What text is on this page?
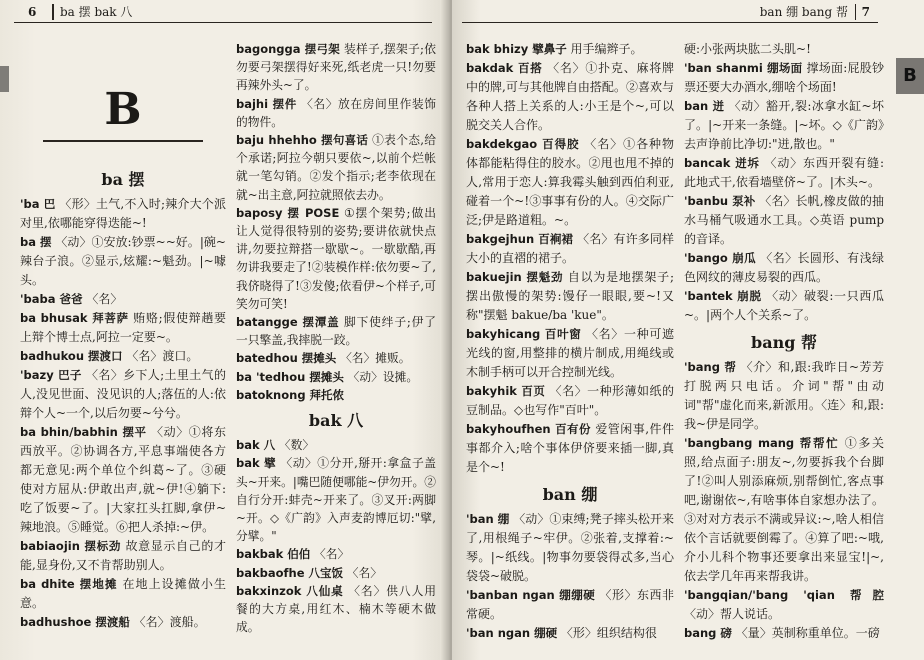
6 ba 摆 bak 八
B
ba 摆

'ba 巴 〈形〉土气,不入时;辣介大个派对里,依哪能穿得迭能~!

ba 摆 〈动〉①安放:钞票~~好。|碗~辣台子浪。②显示,炫耀:~魁劲。|~噱头。

'baba 爸爸 〈名〉

ba bhusak 拜菩萨 贿赂;假使辩趟要上辩个博士点,阿拉一定要~。

badhukou 摆渡口 〈名〉渡口。

'bazy 巴子 〈名〉乡下人;土里土气的人,没见世面、没见识的人;落伍的人:依辩个人~一个,以后勿要~兮兮。

ba bhin/babhin 摆平 〈动〉①将东西放平。②协调各方,平息事端使各方都无意见:两个单位个纠葛~了。③硬使对方屈从:伊敢出声,就~伊!④躺下:吃了饭要~了。|大家扛头扛脚,拿伊~辣地浪。⑤睡觉。⑥把人杀掉:~伊。

babiaojin 摆标劲 故意显示自己的才能,显身份,又不肯帮助别人。

ba dhite 摆地摊 在地上设摊做小生意。

badhushoe 摆渡船 〈名〉渡船。

bagongga 摆弓架 装样子,摆架子;依勿要弓架摆得好来死,纸老虎一只!勿要再辣外头~了。

bajhi 摆件 〈名〉放在房间里作装饰的物件。

baju hhehho 摆句喜话 ①表个态,给个承诺;阿拉今朝只要依~,以前个烂帐就一笔勾销。②发个指示;老李依现在就~出主意,阿拉就照依去办。

baposy 摆 POSE ①摆个架势;做出让人觉得很特别的姿势;要讲依就快点讲,勿要拉辩搭一歇歇~。一歇歇酷,再勿讲我要走了!②装模作样:依勿要~了,我侪晓得了!③发傻;依看伊~个样子,可笑勿可笑!

batangge 摆潭盖 脚下使绊子;伊了一只擎盖,我摔脱一跤。

batedhou 摆摊头 〈名〉摊贩。

ba 'tedhou 摆摊头 〈动〉设摊。

batoknong 拜托侬

bak 八

bak 八 〈数〉

bak 擘 〈动〉①分开,掰开:拿盒子盖头~开来。|嘴巴随便哪能~伊勿开。②自行分开:蚌壳~开来了。③叉开:两脚~开。◇《广韵》入声麦韵博厄切:"擘,分擘。"

bakbak 伯伯 〈名〉

bakbaofhe 八宝饭 〈名〉

bakxinzok 八仙桌 〈名〉供八人用餐的大方桌,用红木、楠木等硬木做成。

ban 绷 bang 帮 7
B

bak bhizy 擘鼻子 用手编辫子。

bakdak 百搭 〈名〉①扑克、麻将牌中的牌,可与其他牌自由搭配。②喜欢与各种人搭上关系的人:小王是个~,可以脱交关人合作。

bakdekgao 百得胶 〈名〉①各种物体都能粘得住的胶水。②甩也甩不掉的人,常用于恋人:算我霉头触到西伯利亚,碰着一个~!③事事有份的人。④交际广泛;伊是路道粗。~。

bakgejhun 百裥裙 〈名〉有许多同样大小的直褶的裙子。

bakuejin 摆魁劲 自以为是地摆架子;摆出傲慢的架势:馒仔一眼眼,要~!又称"摆魁 bakue/ba 'kue"。

bakyhicang 百叶窗 〈名〉一种可遮光线的窗,用整排的横片制成,用绳线或木制手柄可以开合控制光线。

bakyhik 百页 〈名〉一种形薄如纸的豆制品。◇也写作"百叶"。

bakyhoufhen 百有份 爱管闲事,件件事都介入;啥个事体伊侪要来插一脚,真是个~!

ban 绷

'ban 绷 〈动〉①束缚;凳子摔头松开来了,用根绳子~牢伊。②张着,支撑着:~琴。|~纸线。|物事勿要袋得忒多,当心袋袋~破脱。

'banban ngan 绷绷硬 〈形〉东西非常硬。

'ban ngan 绷硬 〈形〉组织结构很

硬:小张两块肱二头肌~!

'ban shanmi 绷场面 撑场面:屁股钞票还要大办酒水,绷啥个场面!

ban 迸 〈动〉豁开,裂:冰拿水缸~坏了。|~开来一条缝。|~坏。◇《广韵》去声诤前比净切:"迸,散也。"

bancak 迸坼 〈动〉东西开裂有缝:此地式干,依看墙壁侪~了。|木头~。

'banbu 泵补 〈名〉长帆,橡皮做的抽水马桶气吸通水工具。◇英语 pump 的音译。

'bango 崩瓜 〈名〉长圆形、有浅绿色网纹的薄皮易裂的西瓜。

'bantek 崩脱 〈动〉破裂:一只西瓜~。|两个人个关系~了。

bang 帮

'bang 帮 〈介〉和,跟:我昨日~芳芳打脱两只电话。介词"帮"由动词"帮"虚化而来,新派用。〈连〉和,跟:我~伊是同学。

'bangbang mang 帮帮忙 ①多关照,给点面子:朋友~,勿要拆我个台脚了!②叫人别添麻烦,别帮倒忙,客点事吧,谢谢依~,有啥事体自家想办法了。③对对方表示不满或异议:~,啥人相信依个言话就要倒霉了。④算了吧:~哦,介小儿科个物事还要拿出来显宝!|~,依去学几年再来帮我讲。

'bangqian/'bang 'qian 帮腔 〈动〉帮人说话。

bang 磅 〈量〉英制称重单位。一磅
